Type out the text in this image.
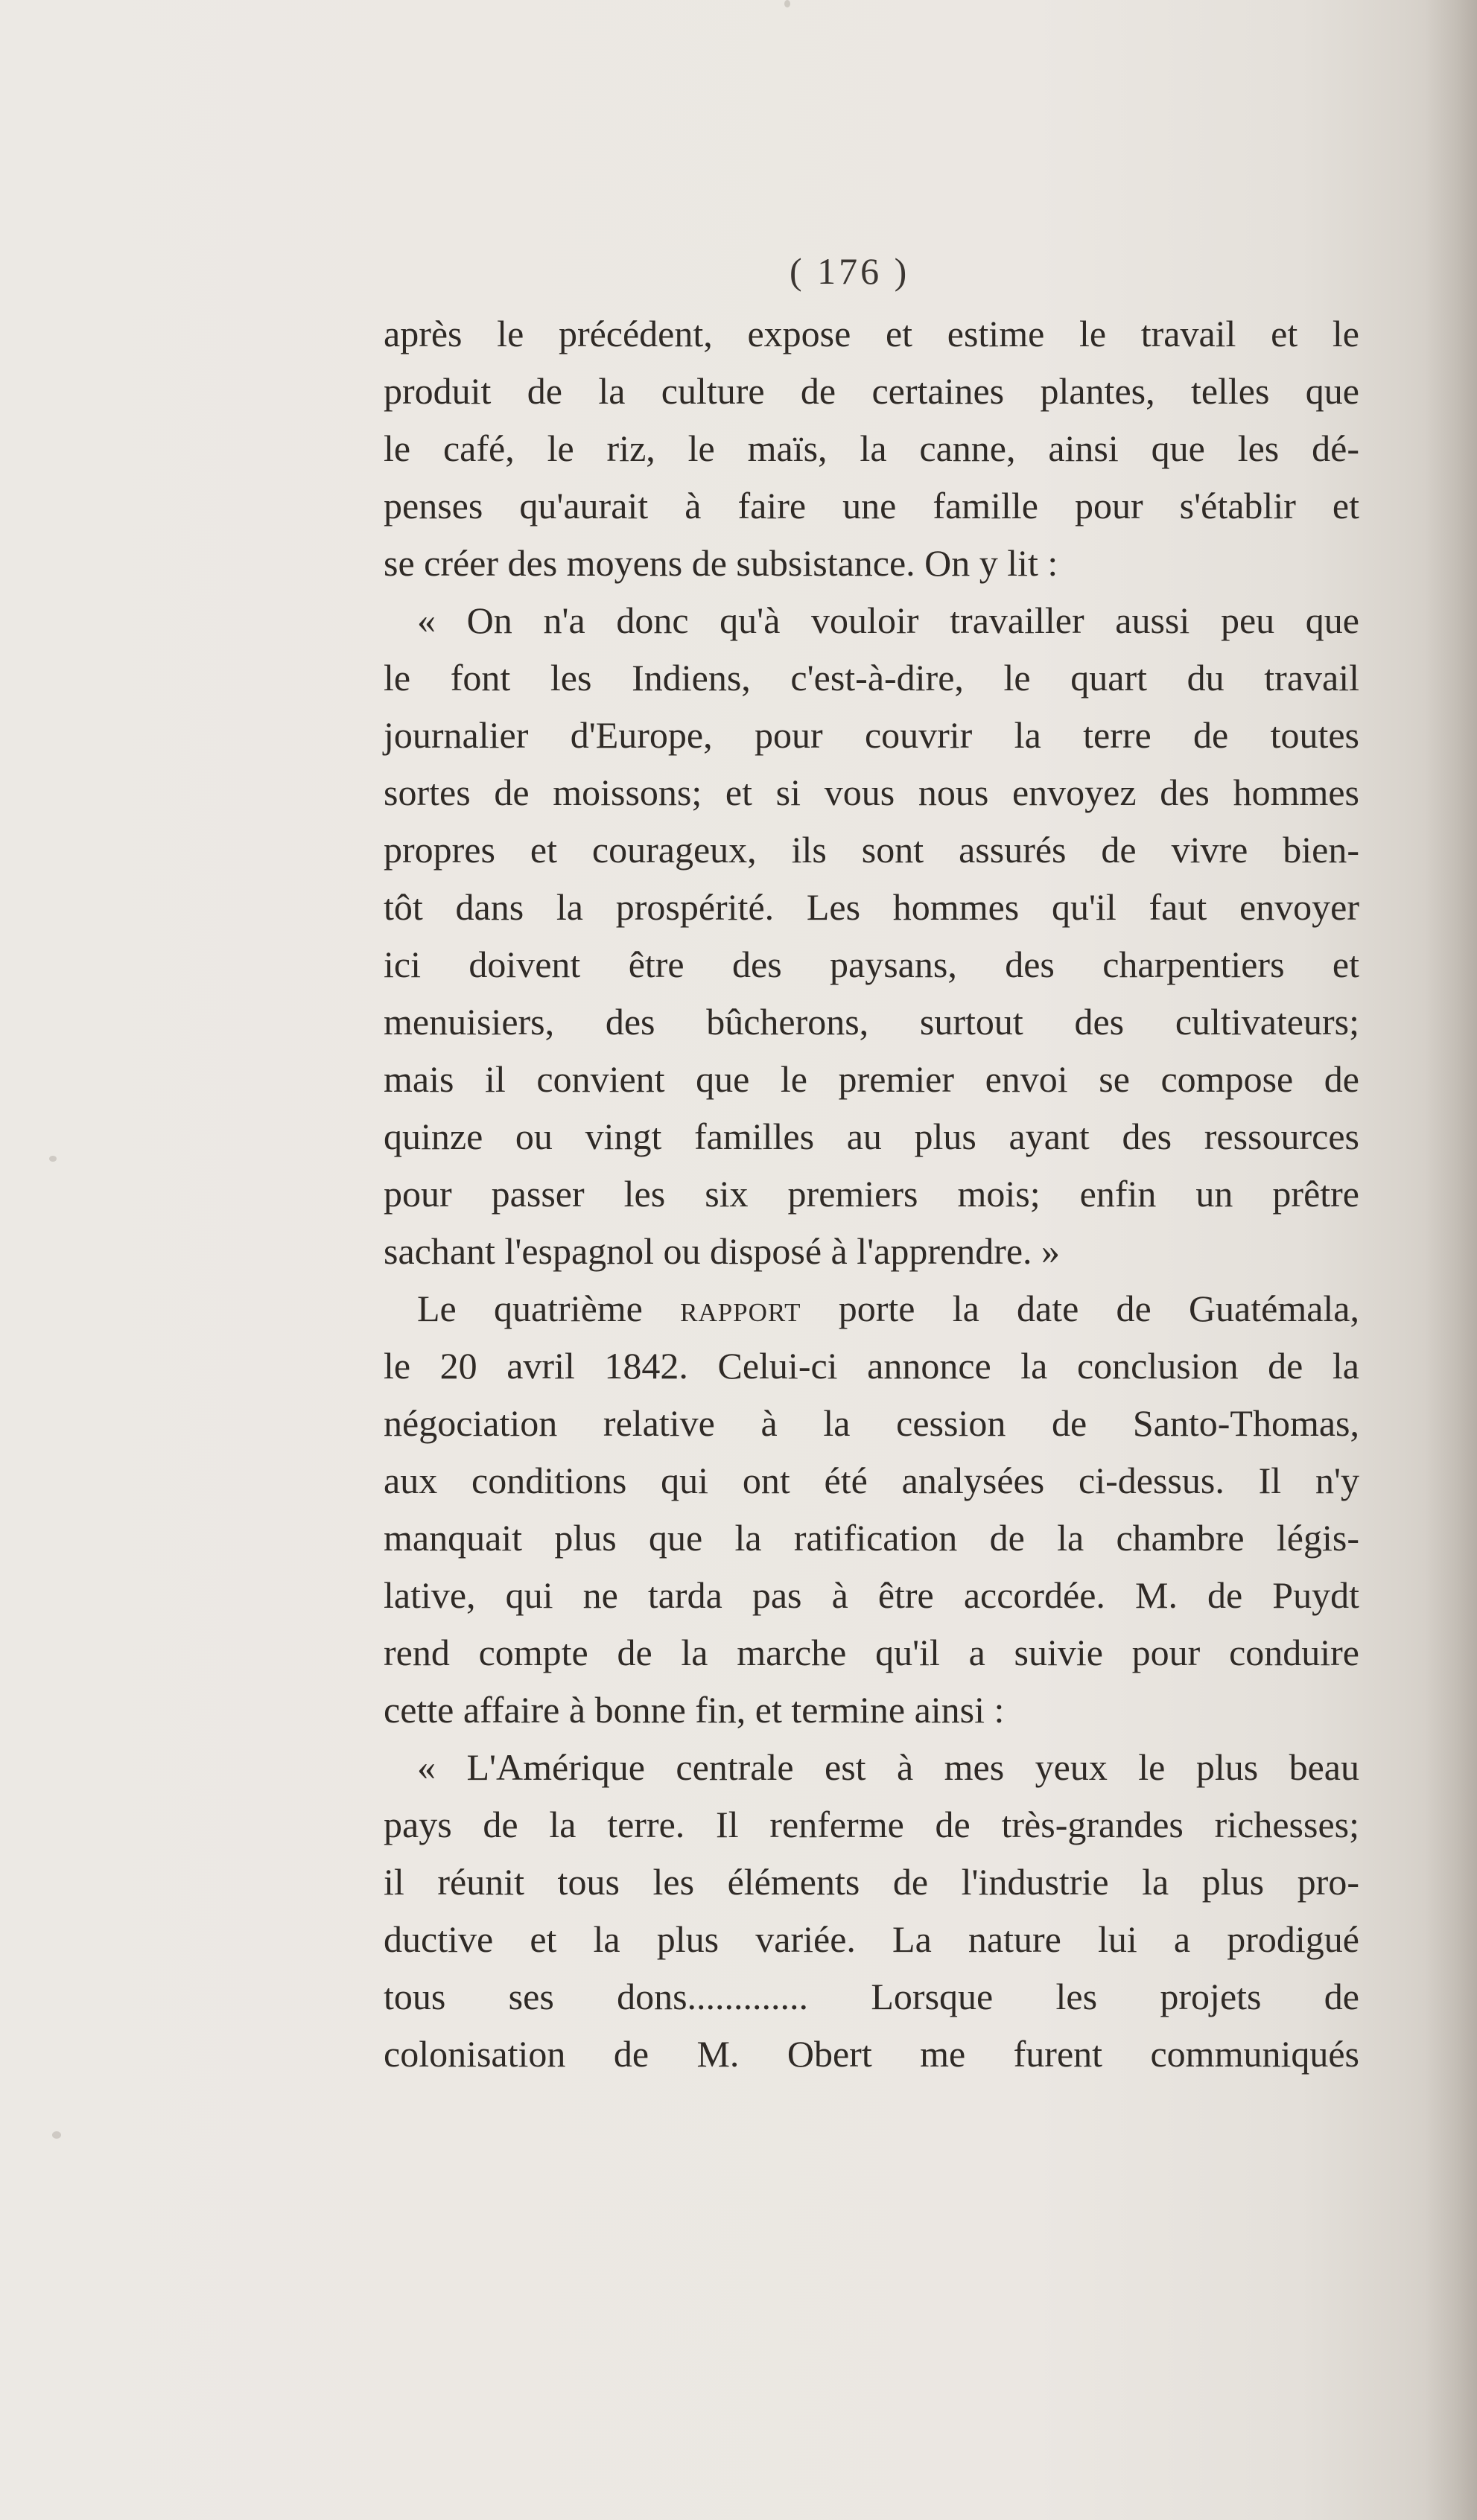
( 176 )
après le précédent, expose et estime le travail et le
produit de la culture de certaines plantes, telles que
le café, le riz, le maïs, la canne, ainsi que les dé-
penses qu'aurait à faire une famille pour s'établir et
se créer des moyens de subsistance. On y lit :
« On n'a donc qu'à vouloir travailler aussi peu que
le font les Indiens, c'est-à-dire, le quart du travail
journalier d'Europe, pour couvrir la terre de toutes
sortes de moissons; et si vous nous envoyez des hommes
propres et courageux, ils sont assurés de vivre bien-
tôt dans la prospérité. Les hommes qu'il faut envoyer
ici doivent être des paysans, des charpentiers et
menuisiers, des bûcherons, surtout des cultivateurs;
mais il convient que le premier envoi se compose de
quinze ou vingt familles au plus ayant des ressources
pour passer les six premiers mois; enfin un prêtre
sachant l'espagnol ou disposé à l'apprendre. »
Le quatrième rapport porte la date de Guatémala,
le 20 avril 1842. Celui-ci annonce la conclusion de la
négociation relative à la cession de Santo-Thomas,
aux conditions qui ont été analysées ci-dessus. Il n'y
manquait plus que la ratification de la chambre légis-
lative, qui ne tarda pas à être accordée. M. de Puydt
rend compte de la marche qu'il a suivie pour conduire
cette affaire à bonne fin, et termine ainsi :
« L'Amérique centrale est à mes yeux le plus beau
pays de la terre. Il renferme de très-grandes richesses;
il réunit tous les éléments de l'industrie la plus pro-
ductive et la plus variée. La nature lui a prodigué
tous ses dons............. Lorsque les projets de
colonisation de M. Obert me furent communiqués
